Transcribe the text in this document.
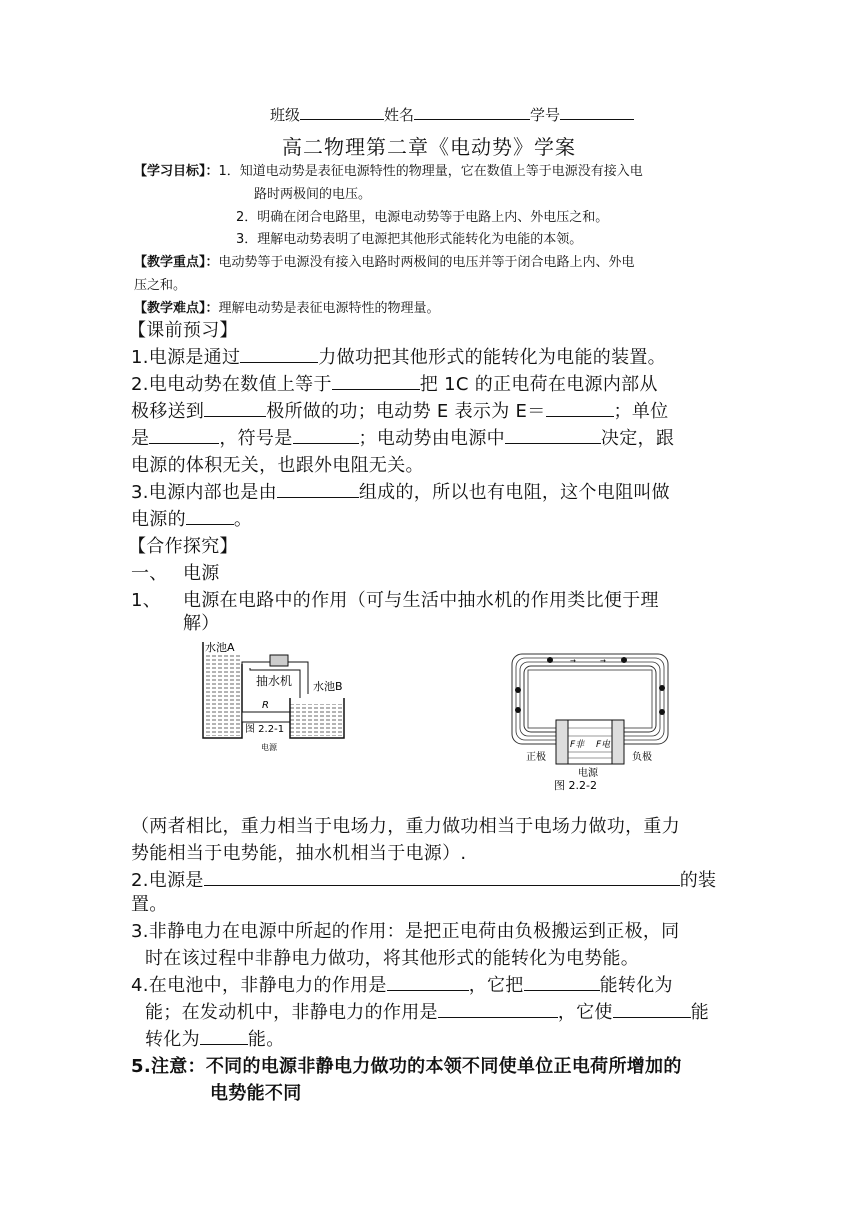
班级	姓名	学号
高二物理第二章《电动势》学案
【学习目标】：1．知道电动势是表征电源特性的物理量，它在数值上等于电源没有接入电
路时两极间的电压。
2．明确在闭合电路里，电源电动势等于电路上内、外电压之和。
3．理解电动势表明了电源把其他形式能转化为电能的本领。
【教学重点】：电动势等于电源没有接入电路时两极间的电压并等于闭合电路上内、外电
压之和。
【教学难点】：理解电动势是表征电源特性的物理量。
【课前预习】
1.电源是通过	力做功把其他形式的能转化为电能的装置。
2.电电动势在数值上等于	把 1C 的正电荷在电源内部从
极移送到	极所做的功；电动势 E 表示为 E＝	；单位
是	，符号是	；电动势由电源中	决定，跟
电源的体积无关，也跟外电阻无关。
3.电源内部也是由	组成的，所以也有电阻，这个电阻叫做
电源的	。
【合作探究】
一、 电源
1、 电源在电路中的作用（可与生活中抽水机的作用类比便于理
解）
水池A
抽水机 水池B
R
图 2.2-1
电源
→	→
F非 F电
正极	负极
电源
图 2.2-2
（两者相比，重力相当于电场力，重力做功相当于电场力做功，重力
势能相当于电势能，抽水机相当于电源）.
2.电源是	的装
置。
3.非静电力在电源中所起的作用：是把正电荷由负极搬运到正极，同
时在该过程中非静电力做功，将其他形式的能转化为电势能。
4.在电池中，非静电力的作用是	，它把	能转化为
能；在发动机中，非静电力的作用是	，它使	能
转化为	能。
5.注意：不同的电源非静电力做功的本领不同使单位正电荷所增加的
电势能不同
